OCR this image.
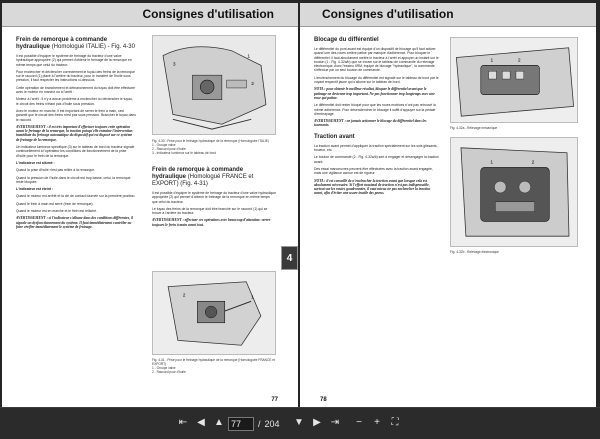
Consignes d'utilisation
Frein de remorque à commande hydraulique (Homologué ITALIE) - Fig. 4-30

Il est possible d'équiper le système de freinage du tracteur d'une valve hydraulique appropriée (2) qui permet d'obtenir le freinage de la remorque en même temps que celui du tracteur.

Pour enclencher et déclencher correctement le tuyau des freins de la remorque sur le raccord (1) placé à l'arrière du tracteur, pour le transfert de l'huile sous pression, il faut respecter les instructions ci-dessous.

Cette opération de branchement et débranchement du tuyau doit être effectuée avec le moteur en marche ou à l'arrêt :

Moteur à l'arrêt : Il n'y a aucun problème à enclencher ou déclencher le tuyau, le circuit des freins n'étant pas d'huile sous pression.

Avec le moteur en marche, il est important de serrer le frein à main, ceci garantit que le circuit des freins n'est pas sous pression. Brancher le tuyau dans le raccord.

AVERTISSEMENT : il est très important d'effectuer toujours cette opération avant le freinage de la remorque, la traction puisqu'elle entraîne l'intervention immédiate du freinage automatique du dispositif qui est disposé sur ce système de freinage de la remorque.

Un indicateur lumineux spécifique (3) sur le tableau de bord du tracteur signale continuellement à l'opérateur les conditions de fonctionnement de la prise d'huile pour le frein de la remorque.

L'indicateur est allumé :

Quand la prise d'huile n'est pas reliée à la remorque.

Quand la pression de l'huile dans le circuit est trop basse, celui, la remorque reste bloquée.

L'indicateur est éteint :

Quand le moteur est arrêté et la clé de contact tournée sur la première position.

Quand le frein à main est serré (frein de remorque).

Quand le moteur est en marche et le frein est relâché.

AVERTISSEMENT : si l'indicateur s'allume dans des conditions différentes, il signale un dysfonctionnement du système. Il faut immédiatement contrôler ou faire vérifier immédiatement le système de freinage.

1
2
3
Fig. 4-30 - Prise pour le freinage hydraulique de la remorque (Homologuée ITALIE)
1 - Groupe valve
2 - Raccord pour d'huile
3 - Indicateur lumineux sur le tableau de bord
Frein de remorque à commande hydraulique (Homologué FRANCE et EXPORT) (Fig. 4-31)

Il est possible d'équiper le système de freinage du tracteur d'une valve hydraulique appropriée (2) qui permet d'obtenir le freinage de la remorque en même temps que celui du tracteur.

Le tuyau des freins de la remorque doit être branché sur le raccord (1) qui se trouve à l'arrière du tracteur.

AVERTISSEMENT : effectuer ces opérations avec beaucoup d'attention: serrer toujours le frein à main avant tout.

1
2
Fig. 4-31 - Prise pour le freinage hydraulique de la remorque (Homologuée FRANCE et EXPORT)
1 - Groupe valve
2 - Raccord pour d'huile
77
4
Consignes d'utilisation
Blocage du différentiel

Le différentiel du pont avant est équipé d'un dispositif de blocage qu'il faut activer quand une des roues arrière patine par manque d'adhérence. Pour bloquer le différentiel, il faut absolument mettre le tracteur à l'arrêt et appuyer un instant sur le bouton (1 - Fig. 4-32a/b) que se trouve sur le tableau de commande du relevage électronique. Avec l'essieu 4RM, équipé de blocage "hydraulique", la commande s'effectue par un seul bouton de commande.

L'enclenchement du blocage du différentiel est signalé sur le tableau de bord par le voyant respectif jaune qui s'allume sur le tableau de bord.

NOTA : pour obtenir le meilleur résultat, bloquer le différentiel avant que le patinage ne devienne trop important. Ne pas fonctionner trop longtemps avec une roue qui patine.

Le différentiel doit rester bloqué pour que les roues motrices n'ont pas retrouvé la même adhérence. Pour désenclencher le blocage il suffit d'appuyer sur la pédale d'embrayage.

AVERTISSEMENT : ne jamais actionner le blocage du différentiel dans les tournants.

Traction avant

La traction avant permet d'appliquer la traction spécialement sur les sols glissants, boueux, etc.

Le bouton de commande (2 - Fig. 4-32a/b) sert à engager et désengager la traction avant.

Des essai manoeuvres peuvent être effectuées avec la traction avant engagée, mais une vigilance accrue est de rigueur.

NOTA : il est conseillé de n'enclencher la traction avant que lorsque cela est absolument nécessaire. Si l'effort maximal de traction n'est pas indispensable, surtout sur les routes goudronnées, il vaut mieux ne pas enclencher la traction avant, afin d'éviter une usure inutile des pneus.

1	2
Fig. 4-32a - Relevage mécanique
1	2
Fig. 4-32b - Relevage électronique
78
⇤ ◀ ▲
77	/ 204 ▼ ▶ ⇥	−	+	⛶
